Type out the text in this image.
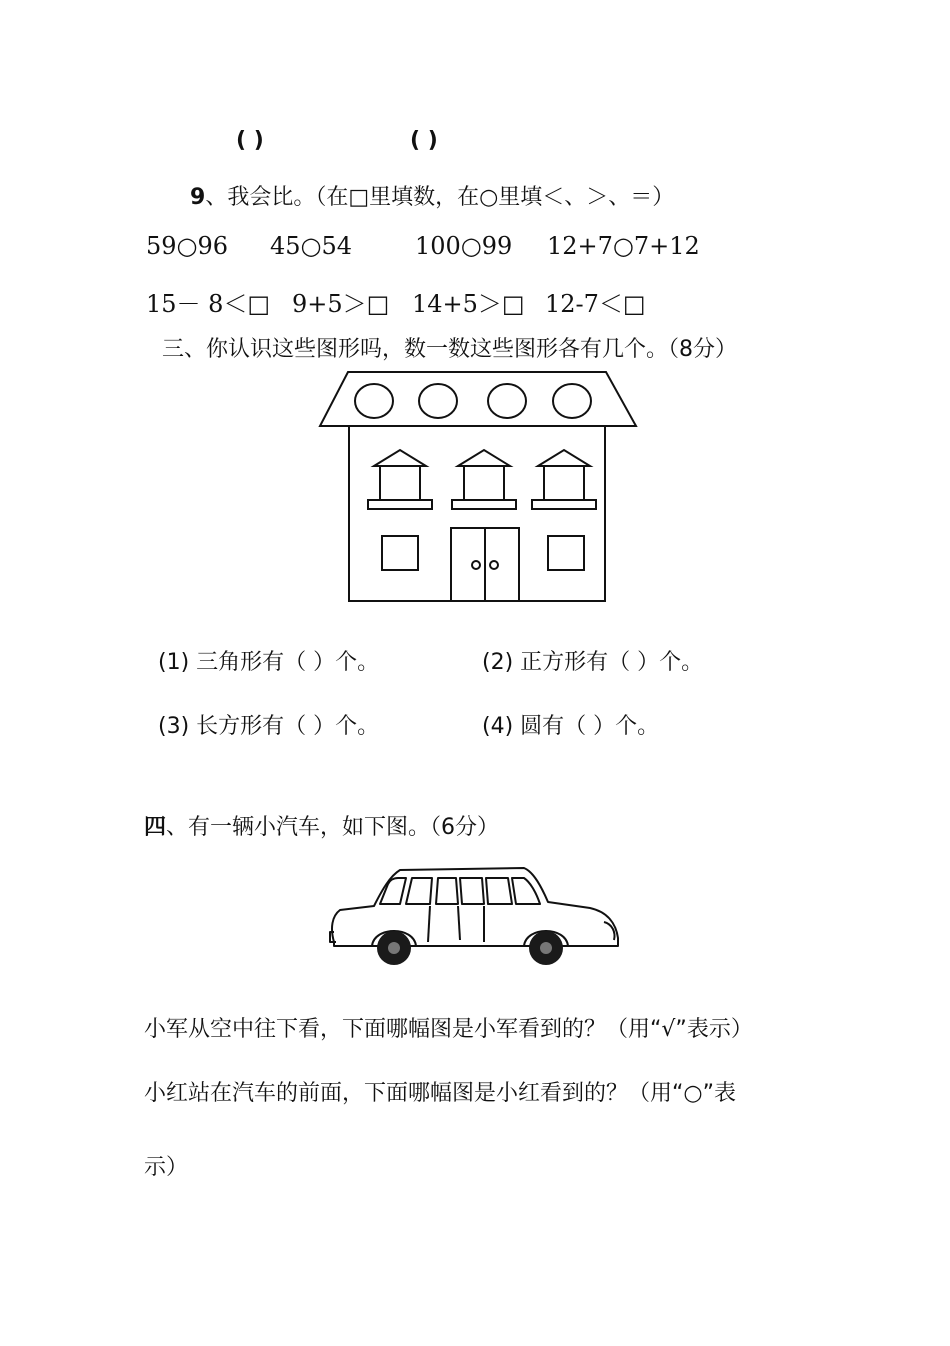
( )	( )
9、我会比。（在□里填数，在○里填＜、＞、＝）
59○96 45○54	100○99 12+7○7+12
15－ 8＜□ 9+5＞□ 14+5＞□ 12-7＜□
三、你认识这些图形吗，数一数这些图形各有几个。（8分）
(1) 三角形有（ ）个。	(2) 正方形有（ ）个。
(3) 长方形有（ ）个。	(4) 圆有（ ）个。
四、有一辆小汽车，如下图。（6分）
小军从空中往下看，下面哪幅图是小军看到的？（用“√”表示）
小红站在汽车的前面，下面哪幅图是小红看到的？（用“○”表
示）
